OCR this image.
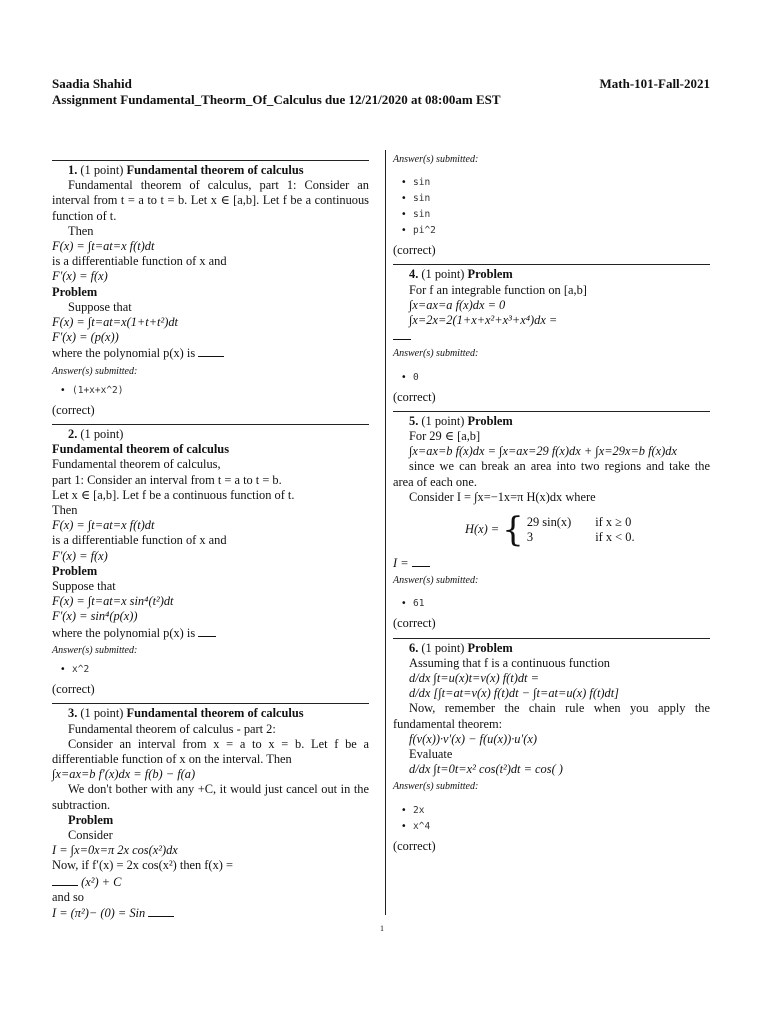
Saadia Shahid	Math-101-Fall-2021
Assignment Fundamental_Theorm_Of_Calculus due 12/21/2020 at 08:00am EST
1. (1 point) Fundamental theorem of calculus
Fundamental theorem of calculus, part 1: Consider an interval from t = a to t = b. Let x ∈ [a,b]. Let f be a continuous function of t.
Then
F(x) = ∫t=at=x f(t)dt
is a differentiable function of x and
F′(x) = f(x)
Problem
Suppose that
F(x) = ∫t=at=x(1+t+t²)dt
F′(x) = (p(x))
where the polynomial p(x) is
Answer(s) submitted:
• (1+x+x^2)
(correct)
2. (1 point)
Fundamental theorem of calculus
Fundamental theorem of calculus,
part 1: Consider an interval from t = a to t = b.
Let x ∈ [a,b]. Let f be a continuous function of t.
Then
F(x) = ∫t=at=x f(t)dt
is a differentiable function of x and
F′(x) = f(x)
Problem
Suppose that
F(x) = ∫t=at=x sin⁴(t²)dt
F′(x) = sin⁴(p(x))
where the polynomial p(x) is
Answer(s) submitted:
• x^2
(correct)
3. (1 point) Fundamental theorem of calculus
Fundamental theorem of calculus - part 2:
Consider an interval from x = a to x = b. Let f be a differentiable function of x on the interval. Then
∫x=ax=b f′(x)dx = f(b) − f(a)
We don't bother with any +C, it would just cancel out in the subtraction.
Problem
Consider
I = ∫x=0x=π 2x cos(x²)dx
Now, if f′(x) = 2x cos(x²) then f(x) =
(x²) + C
and so
I = (π²)− (0) = Sin
Answer(s) submitted:
• sin
• sin
• sin
• pi^2
(correct)
4. (1 point) Problem
For f an integrable function on [a,b]
∫x=ax=a f(x)dx = 0
∫x=2x=2(1+x+x²+x³+x⁴)dx =
Answer(s) submitted:
• 0
(correct)
5. (1 point) Problem
For 29 ∈ [a,b]
∫x=ax=b f(x)dx = ∫x=ax=29 f(x)dx + ∫x=29x=b f(x)dx
since we can break an area into two regions and take the area of each one.
Consider I = ∫x=−1x=π H(x)dx where
H(x) = { 29 sin(x)	if x ≥ 0
3	if x < 0.
I =
Answer(s) submitted:
• 61
(correct)
6. (1 point) Problem
Assuming that f is a continuous function
d/dx ∫t=u(x)t=v(x) f(t)dt =
d/dx [∫t=at=v(x) f(t)dt − ∫t=at=u(x) f(t)dt]
Now, remember the chain rule when you apply the fundamental theorem:
f(v(x))·v′(x) − f(u(x))·u′(x)
Evaluate
d/dx ∫t=0t=x² cos(t²)dt = cos( )
Answer(s) submitted:
• 2x
• x^4
(correct)
1
